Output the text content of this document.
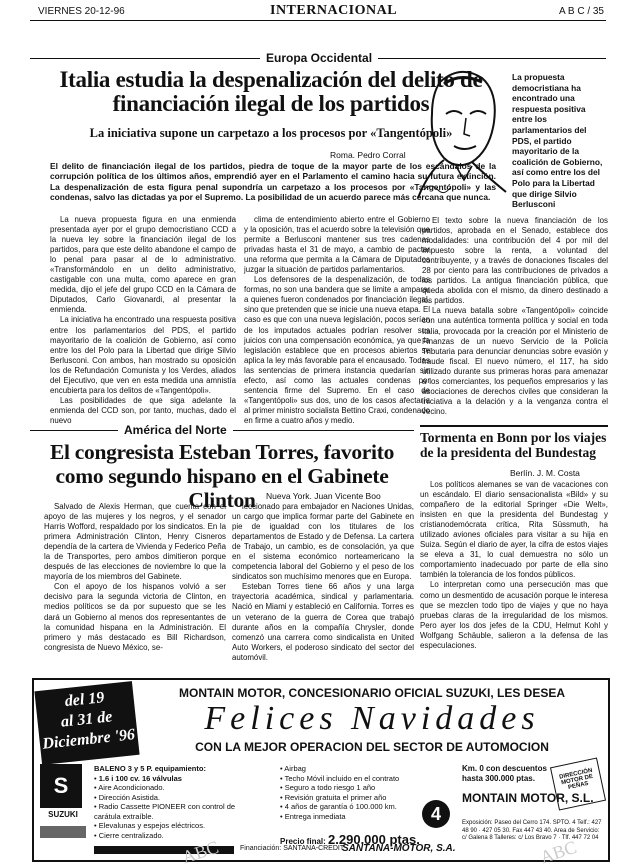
VIERNES 20-12-96	INTERNACIONAL	A B C / 35
Europa Occidental
Italia estudia la despenalización del delito de financiación ilegal de los partidos
La iniciativa supone un carpetazo a los procesos por «Tangentópoli»
Roma. Pedro Corral
El delito de financiación ilegal de los partidos, piedra de toque de la mayor parte de los escándalos de la corrupción política de los últimos años, emprendió ayer en el Parlamento el camino hacia su futura extinción. La despenalización de esta figura penal supondría un carpetazo a los procesos por «Tangentópoli» y las condenas, salvo las dictadas ya por el Supremo. La posibilidad de un acuerdo parece más cercana que nunca.

La nueva propuesta figura en una enmienda presentada ayer por el grupo democristiano CCD a la nueva ley sobre la financiación ilegal de los partidos, para que este delito abandone el campo de lo penal para pasar al de lo administrativo. «Transformándolo en un delito administrativo, castigable con una multa, como aparece en gran medida, dijo el jefe del grupo CCD en la Cámara de Diputados, Carlo Giovanardi, al presentar la enmienda.

La iniciativa ha encontrado una respuesta positiva entre los parlamentarios del PDS, el partido mayoritario de la coalición de Gobierno, así como entre los del Polo para la Libertad que dirige Silvio Berlusconi. Con ambos, han mostrado su oposición los de Refundación Comunista y los Verdes, aliados del Ejecutivo, que ven en esta medida una amnistía encubierta para los delitos de «Tangentópoli».

Las posibilidades de que siga adelante la enmienda del CCD son, por tanto, muchas, dado el nuevo

clima de entendimiento abierto entre el Gobierno y la oposición, tras el acuerdo sobre la televisión que permite a Berlusconi mantener sus tres cadenas privadas hasta el 31 de mayo, a cambio de pactar una reforma que permita a la Cámara de Diputados juzgar la situación de partidos parlamentarios.

Los defensores de la despenalización, de todas formas, no son una bandera que se limite a amparar a quienes fueron condenados por financiación ilegal, sino que pretenden que se inicie una nueva etapa. El caso es que con una nueva legislación, pocos serían de los imputados actuales podrían resolver sus juicios con una compensación económica, ya que la legislación establece que en procesos abiertos se aplica la ley más favorable para el encausado. Todas las sentencias de primera instancia quedarían sin efecto, así como las actuales condenas por sentencia firme del Supremo. En el caso de «Tangentópoli» sus dos, uno de los casos afectaría al primer ministro socialista Bettino Craxi, condenado en firme a cuatro años y medio.

La propuesta democristiana ha encontrado una respuesta positiva entre los parlamentarios del PDS, el partido mayoritario de la coalición de Gobierno, así como entre los del Polo para la Libertad que dirige Silvio Berlusconi

El texto sobre la nueva financiación de los partidos, aprobada en el Senado, establece dos modalidades: una contribución del 4 por mil del Impuesto sobre la renta, a voluntad del contribuyente, y a través de donaciones fiscales del 28 por ciento para las contribuciones de privados a los partidos. La antigua financiación pública, que queda abolida con el mismo, da dinero destinado a los partidos.

La nueva batalla sobre «Tangentópoli» coincide con una auténtica tormenta política y social en toda Italia, provocada por la creación por el Ministerio de Finanzas de un nuevo Servicio de la Policía Tributaria para denunciar denuncias sobre evasión y fraude fiscal. El nuevo número, el 117, ha sido utilizado durante sus primeras horas para amenazar a los comerciantes, los pequeños empresarios y las asociaciones de derechos civiles que consideran la iniciativa a la delación y a la venganza contra el vecino.

América del Norte
El congresista Esteban Torres, favorito como segundo hispano en el Gabinete Clinton	Nueva York. Juan Vicente Boo

Salvado de Alexis Herman, que cuenta con el apoyo de las mujeres y los negros, y el senador Harris Wofford, respaldado por los sindicatos. En la primera Administración Clinton, Henry Cisneros dependía de la cartera de Vivienda y Federico Peña la de Transportes, pero ambos dimitieron porque después de las elecciones de noviembre lo que la mayoría de los miembros del Gabinete.

Con el apoyo de los hispanos volvió a ser decisivo para la segunda victoria de Clinton, en medios políticos se da por supuesto que se les dará un Gobierno al menos dos representantes de la comunidad hispana en la Administración. El primero y más destacado es Bill Richardson, congresista de Nuevo México, se-

leccionado para embajador en Naciones Unidas, un cargo que implica formar parte del Gabinete en pie de igualdad con los titulares de los departamentos de Estado y de Defensa. La cartera de Trabajo, un cambio, es de consolación, ya que en el sistema económico norteamericano la competencia laboral del Gobierno y el peso de los sindicatos son muchísimo menores que en Europa.

Esteban Torres tiene 66 años y una larga trayectoria académica, sindical y parlamentaria. Nació en Miami y estableció en California. Torres es un veterano de la guerra de Corea que trabajó durante años en la compañía Chrysler, donde comenzó una carrera como sindicalista en United Auto Workers, el poderoso sindicato del sector del automóvil.

Tormenta en Bonn por los viajes de la presidenta del Bundestag
Berlín. J. M. Costa

Los políticos alemanes se van de vacaciones con un escándalo. El diario sensacionalista «Bild» y su compañero de la editorial Springer «Die Welt», insisten en que la presidenta del Bundestag y cristianodemócrata crítica, Rita Süssmuth, ha utilizado aviones oficiales para visitar a su hija en Suiza. Según el diario de ayer, la cifra de estos viajes se eleva a 31, lo cual demuestra no sólo un comportamiento inadecuado por parte de ella sino también la tolerancia de los fondos públicos.

Lo interpretan como una persecución mas que como un desmentido de acusación porque le interesa que se mezclen todo tipo de viajes y que no haya pruebas claras de la irregularidad de los mismos. Pero ayer los dos jefes de la CDU, Helmut Kohl y Wolfgang Schäuble, salieron a la defensa de las especulaciones.

del 19
al 31 de
Diciembre '96
MONTAIN MOTOR, CONCESIONARIO OFICIAL SUZUKI, LES DESEA
Felices Navidades
CON LA MEJOR OPERACION DEL SECTOR DE AUTOMOCION
S
SUZUKI
BALENO 3 y 5 P. equipamiento:
• 1.6 i 100 cv. 16 válvulas
• Aire Acondicionado.
• Dirección Asistida.
• Radio Cassette PIONEER con control de carátula extraíble.
• Elevalunas y espejos eléctricos.
• Cierre centralizado.
• Airbag
• Techo Móvil incluido en el contrato
• Seguro a todo riesgo 1 año
• Revisión gratuita el primer año
• 4 años de garantía ó 100.000 km.
• Entrega inmediata
Precio final: 2.290.000 ptas.
4
Km. 0 con descuentos hasta 300.000 ptas.	DIRECCIÓN MOTOR DE PEÑAS
MONTAIN MOTOR, S.L.
Exposición: Paseo del Cerro 174. SPTO. 4 Telf.: 427 48 90 · 427 05 30. Fax 447 43 40. Area de Servicio: c/ Galena 8 Talleres: c/ Los Bravo 7 · Tlf. 447 72 04
Financiación: SANTANA-CREDIT
SANTANA-MOTOR, S.A.
ABC	ABC
